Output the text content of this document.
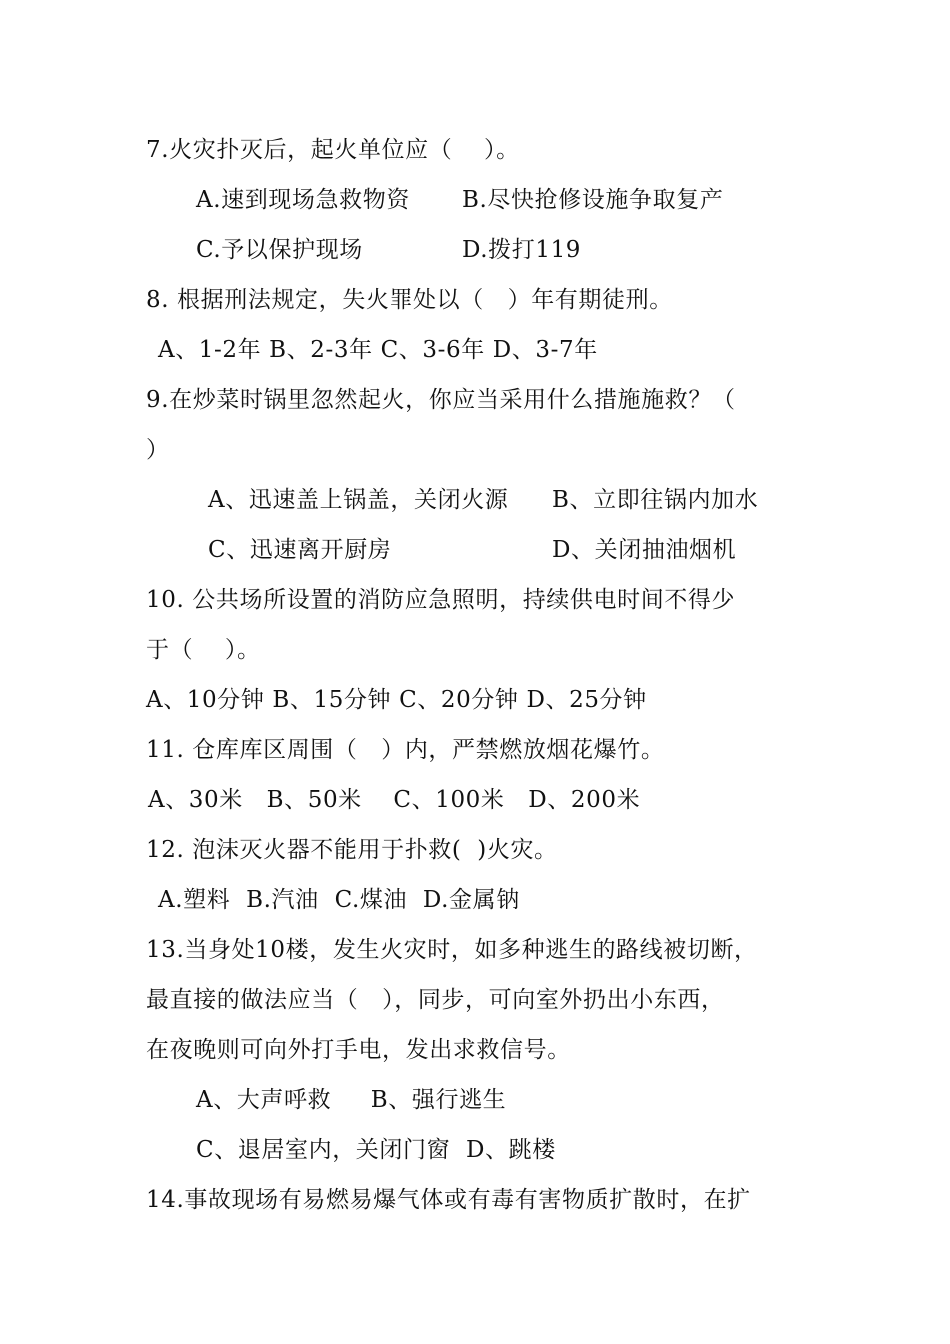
7.火灾扑灭后，起火单位应（    ）。
A.速到现场急救物资 B.尽快抢修设施争取复产
C.予以保护现场	D.拨打119
8. 根据刑法规定，失火罪处以（   ）年有期徒刑。
A、1-2年 B、2-3年 C、3-6年 D、3-7年
9.在炒菜时锅里忽然起火，你应当采用什么措施施救？（
）
A、迅速盖上锅盖，关闭火源 B、立即往锅内加水
C、迅速离开厨房	D、关闭抽油烟机
10. 公共场所设置的消防应急照明，持续供电时间不得少
于（    ）。
A、10分钟 B、15分钟 C、20分钟 D、25分钟
11. 仓库库区周围（   ）内，严禁燃放烟花爆竹。
A、30米   B、50米    C、100米   D、200米
12. 泡沫灭火器不能用于扑救(  )火灾。
A.塑料  B.汽油  C.煤油  D.金属钠
13.当身处10楼，发生火灾时，如多种逃生的路线被切断，
最直接的做法应当（   ），同步，可向室外扔出小东西，
在夜晚则可向外打手电，发出求救信号。
A、大声呼救     B、强行逃生
C、退居室内，关闭门窗  D、跳楼
14.事故现场有易燃易爆气体或有毒有害物质扩散时，在扩
